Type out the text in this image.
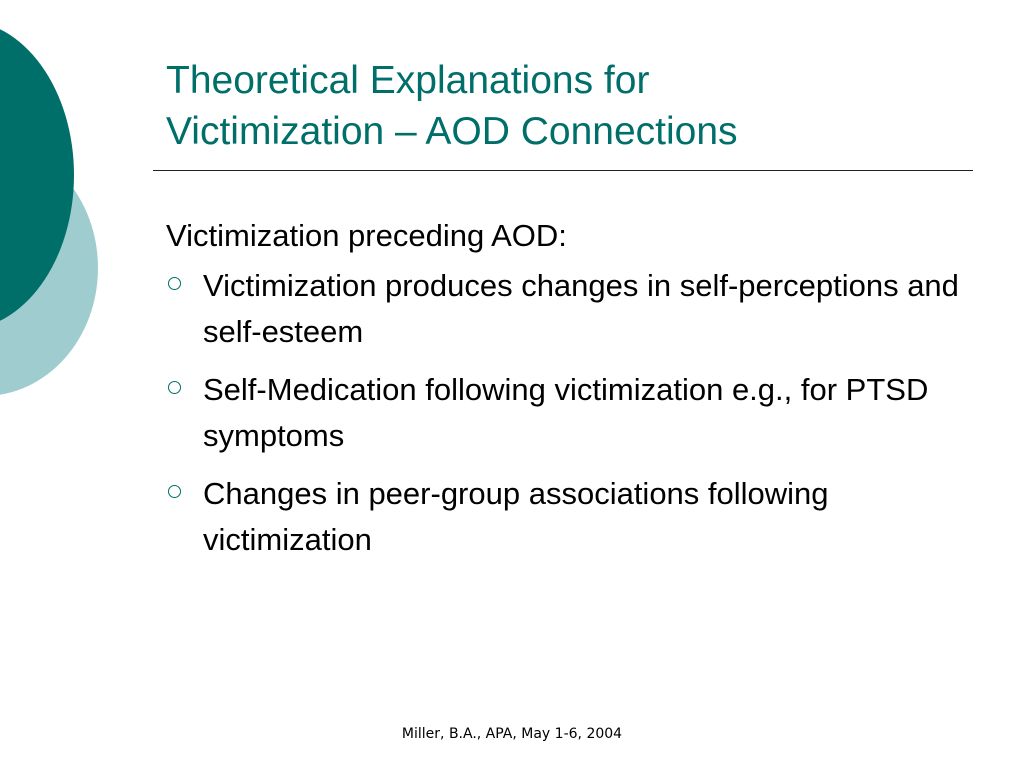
Theoretical Explanations for
Victimization – AOD Connections

Victimization preceding AOD:

Victimization produces changes in self-perceptions and self-esteem
Self-Medication following victimization e.g., for PTSD symptoms
Changes in peer-group associations following victimization
Miller, B.A., APA, May 1-6, 2004
